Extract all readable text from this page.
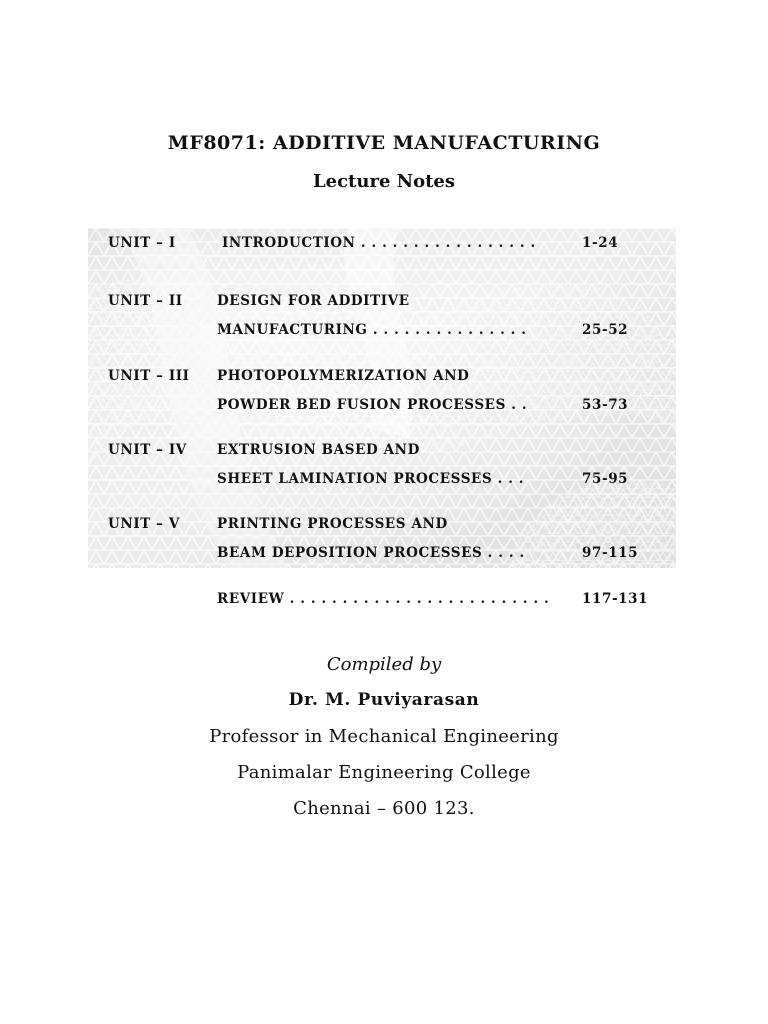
MF8071: ADDITIVE MANUFACTURING
Lecture Notes
UNIT – I	INTRODUCTION . . . . . . . . . . . . . . . . .	1-24
UNIT – II	DESIGN FOR ADDITIVE
MANUFACTURING . . . . . . . . . . . . . . .	25-52
UNIT – III PHOTOPOLYMERIZATION AND
POWDER BED FUSION PROCESSES . .	53-73
UNIT – IV EXTRUSION BASED AND
SHEET LAMINATION PROCESSES . . .	75-95
UNIT – V	PRINTING PROCESSES AND
BEAM DEPOSITION PROCESSES . . . .	97-115
REVIEW . . . . . . . . . . . . . . . . . . . . . . . . . 117-131
Compiled by
Dr. M. Puviyarasan
Professor in Mechanical Engineering
Panimalar Engineering College
Chennai – 600 123.
